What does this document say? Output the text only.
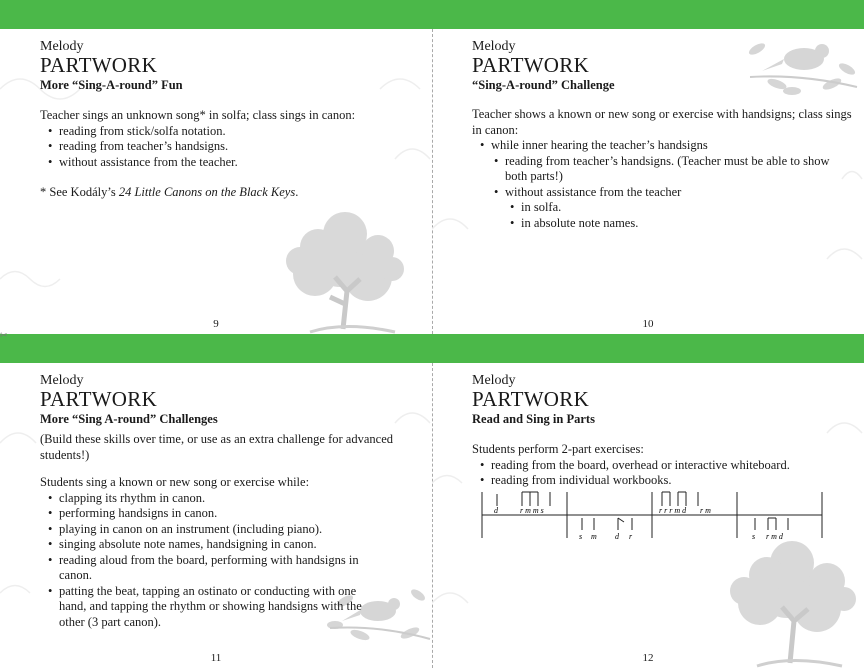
✂
Melody
PARTWORK
More “Sing-A-round” Fun
Teacher sings an unknown song* in solfa; class sings in canon:
• reading from stick/solfa notation.
• reading from teacher’s handsigns.
• without assistance from the teacher.
* See Kodály’s 24 Little Canons on the Black Keys.
9
Melody
PARTWORK
“Sing-A-round” Challenge
Teacher shows a known or new song or exercise with handsigns; class sings in canon:
• while inner hearing the teacher’s handsigns
• reading from teacher’s handsigns. (Teacher must be able to show both parts!)
• without assistance from the teacher
• in solfa.
• in absolute note names.
10
Melody
PARTWORK
More “Sing A-round” Challenges
(Build these skills over time, or use as an extra challenge for advanced students!)
Students sing a known or new song or exercise while:
• clapping its rhythm in canon.
• performing handsigns in canon.
• playing in canon on an instrument (including piano).
• singing absolute note names, handsigning in canon.
• reading aloud from the board, performing with handsigns in canon.
• patting the beat, tapping an ostinato or conducting with one hand, and tapping the rhythm or showing handsigns with the other (3 part canon).
11
Melody
PARTWORK
Read and Sing in Parts
Students perform 2-part exercises:
• reading from the board, overhead or interactive whiteboard.
• reading from individual workbooks.
d	r m m s	r r r m d r m
s m d r	s r m d
12
